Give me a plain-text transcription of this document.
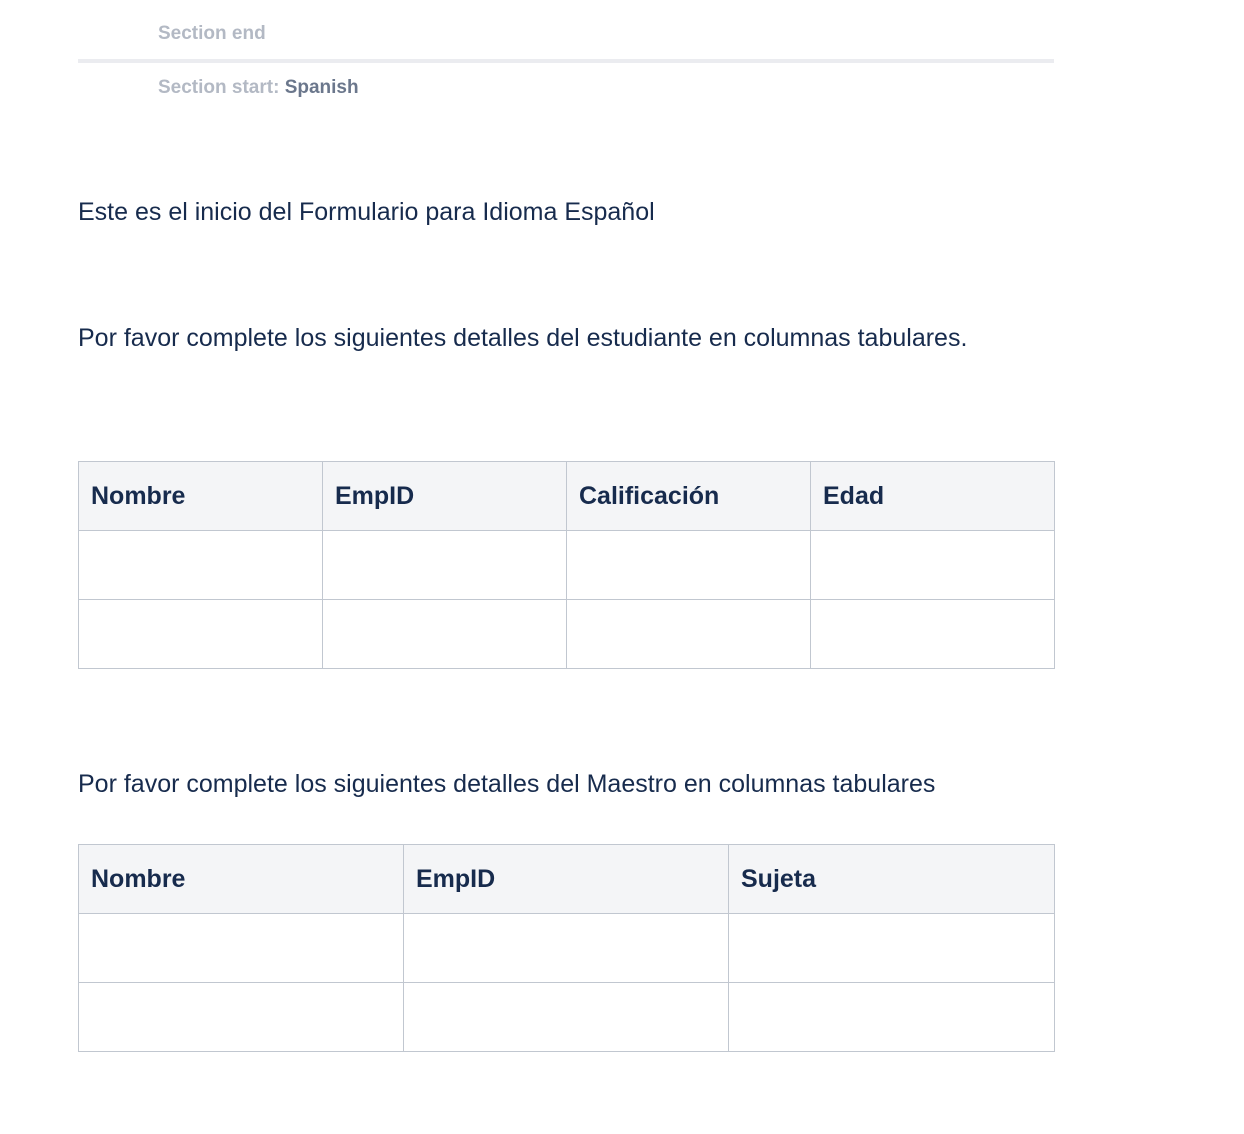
Section end
Section start: Spanish

Este es el inicio del Formulario para Idioma Español

Por favor complete los siguientes detalles del estudiante en columnas tabulares.

Nombre	EmpID	Calificación	Edad

Por favor complete los siguientes detalles del Maestro en columnas tabulares

Nombre	EmpID	Sujeta
